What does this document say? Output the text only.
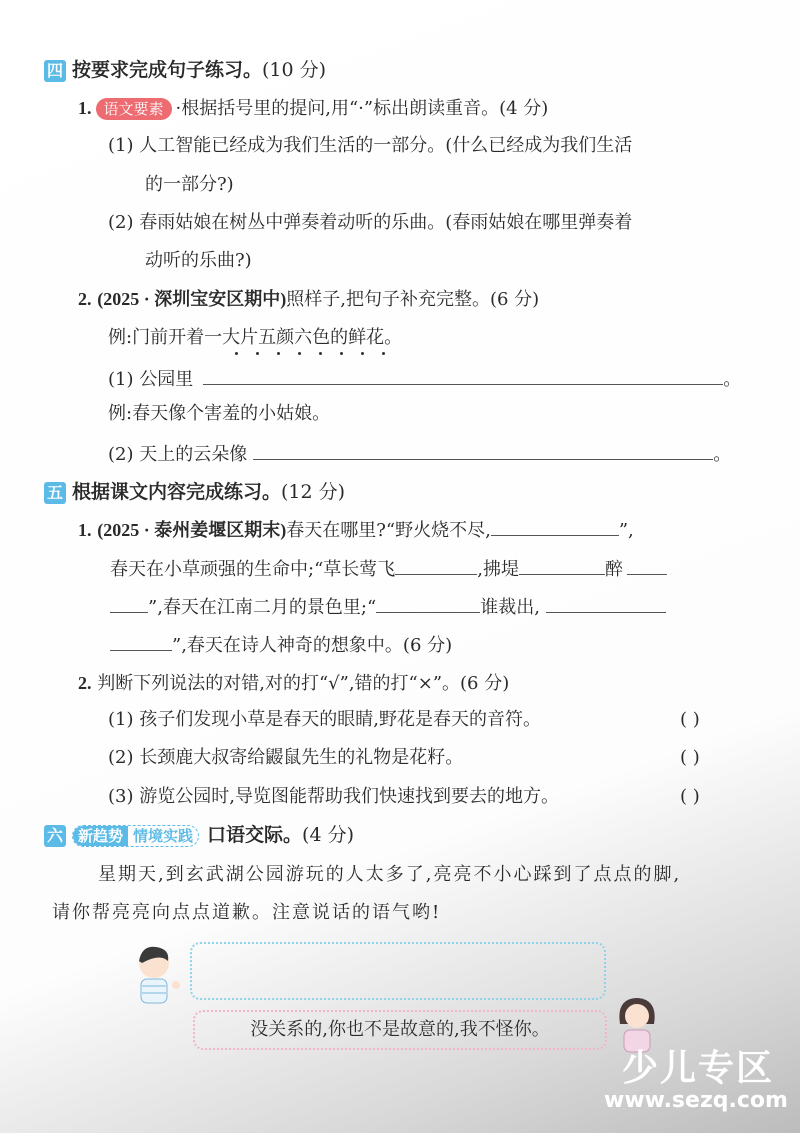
四 按要求完成句子练习。(10 分)
1. 语文要素 ·根据括号里的提问,用“·”标出朗读重音。(4 分)
(1) 人工智能已经成为我们生活的一部分。(什么已经成为我们生活
的一部分?)
(2) 春雨姑娘在树丛中弹奏着动听的乐曲。(春雨姑娘在哪里弹奏着
动听的乐曲?)
2. (2025 · 深圳宝安区期中)照样子,把句子补充完整。(6 分)
例:门前开着一大片五颜六色的鲜花。
(1) 公园里	。
例:春天像个害羞的小姑娘。
(2) 天上的云朵像	。
五 根据课文内容完成练习。(12 分)
1. (2025 · 泰州姜堰区期末)春天在哪里?“野火烧不尽,	”,
春天在小草顽强的生命中;“草长莺飞	,拂堤	醉
”,春天在江南二月的景色里;“	谁裁出,
”,春天在诗人神奇的想象中。(6 分)
2. 判断下列说法的对错,对的打“√”,错的打“×”。(6 分)
(1) 孩子们发现小草是春天的眼睛,野花是春天的音符。	( )
(2) 长颈鹿大叔寄给鼹鼠先生的礼物是花籽。	( )
(3) 游览公园时,导览图能帮助我们快速找到要去的地方。	( )
六 新趋势 情境实践 口语交际。(4 分)
星期天,到玄武湖公园游玩的人太多了,亮亮不小心踩到了点点的脚,
请你帮亮亮向点点道歉。注意说话的语气哟!
没关系的,你也不是故意的,我不怪你。
少儿专区
www.sezq.com
